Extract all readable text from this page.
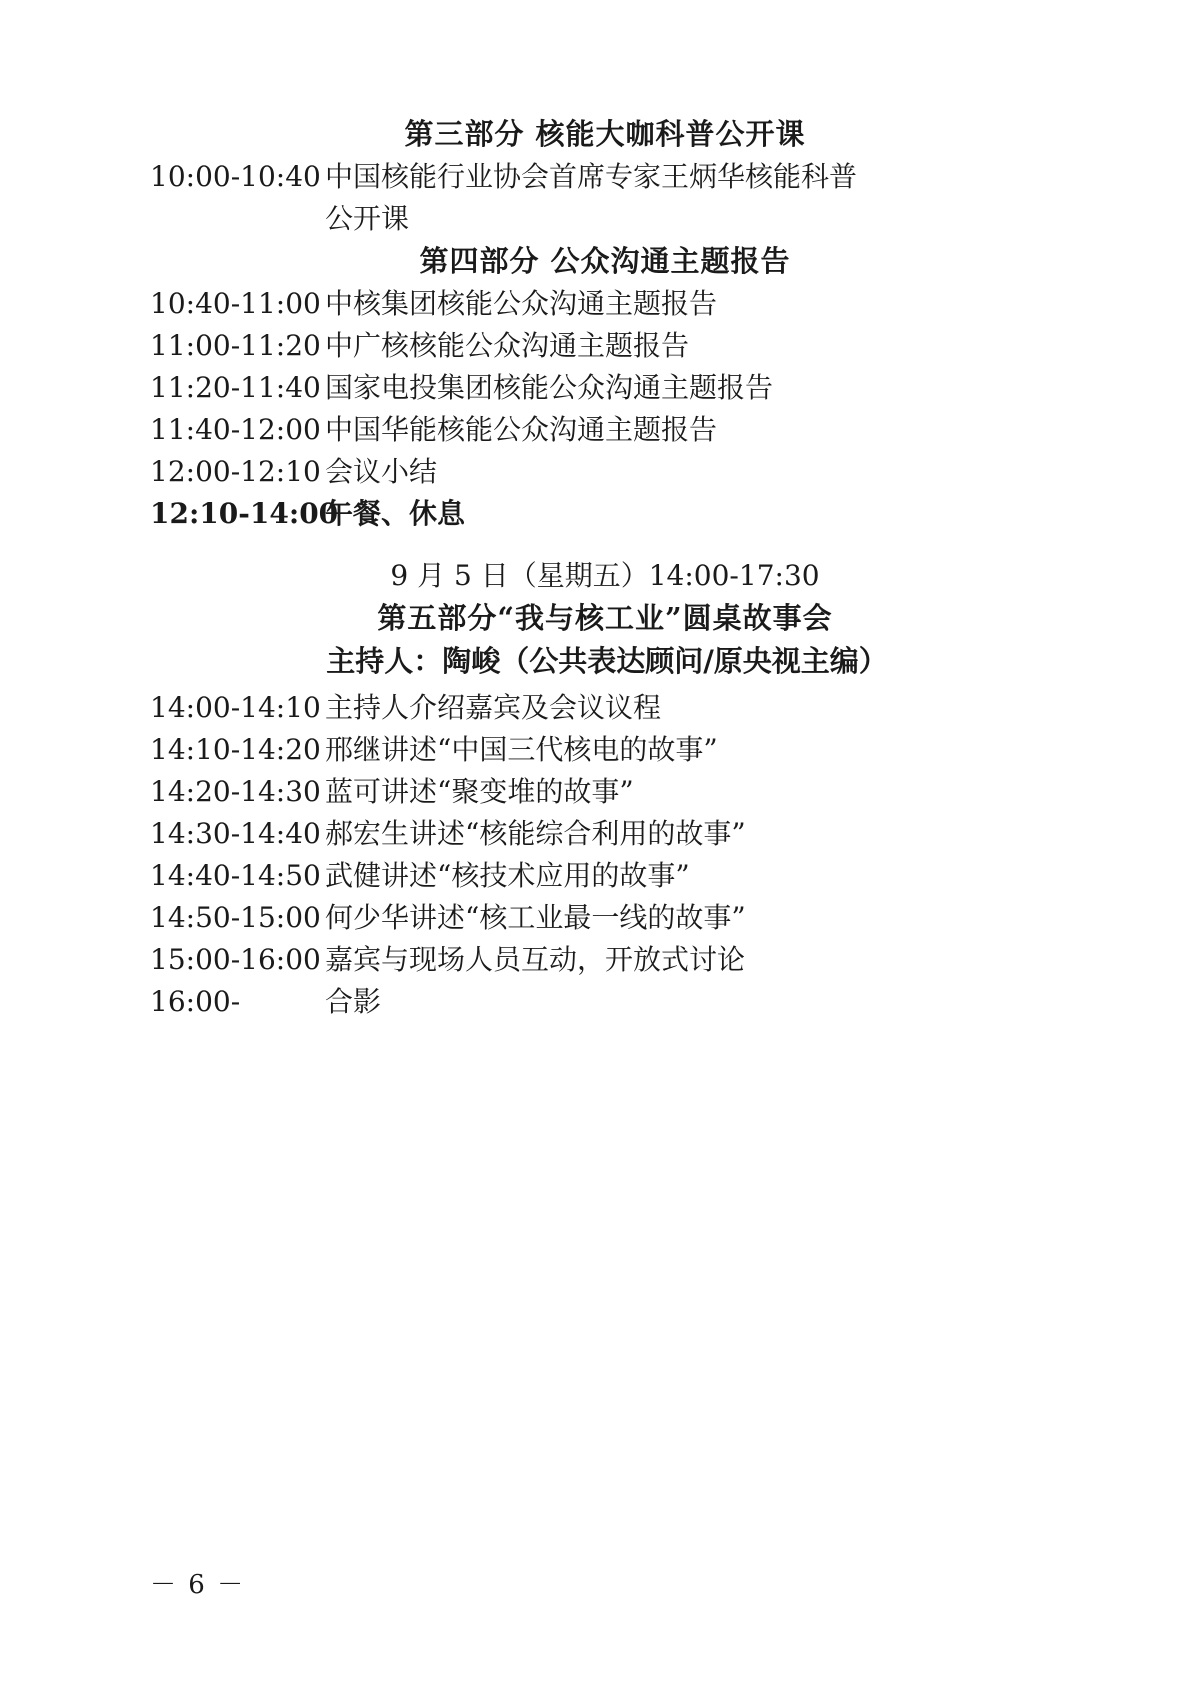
第三部分 核能大咖科普公开课
10:00-10:40 中国核能行业协会首席专家王炳华核能科普
公开课
第四部分 公众沟通主题报告
10:40-11:00 中核集团核能公众沟通主题报告
11:00-11:20 中广核核能公众沟通主题报告
11:20-11:40 国家电投集团核能公众沟通主题报告
11:40-12:00 中国华能核能公众沟通主题报告
12:00-12:10 会议小结
12:10-14:00
午餐、休息
9 月 5 日（星期五）14:00-17:30
第五部分“我与核工业”圆桌故事会
主持人：陶峻（公共表达顾问/原央视主编）
14:00-14:10 主持人介绍嘉宾及会议议程
14:10-14:20 邢继讲述“中国三代核电的故事”
14:20-14:30 蓝可讲述“聚变堆的故事”
14:30-14:40 郝宏生讲述“核能综合利用的故事”
14:40-14:50 武健讲述“核技术应用的故事”
14:50-15:00 何少华讲述“核工业最一线的故事”
15:00-16:00 嘉宾与现场人员互动，开放式讨论
16:00-	合影
－ 6 －
